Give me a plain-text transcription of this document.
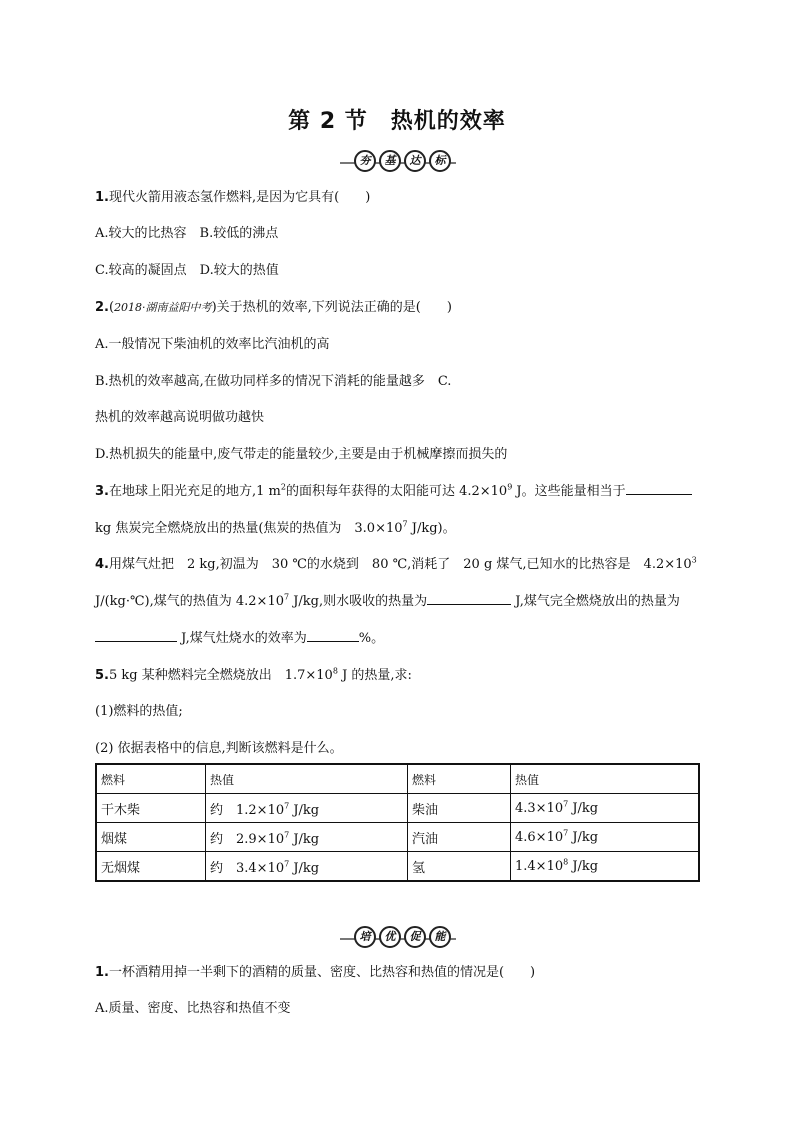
第 2 节　热机的效率
夯	基	达	标
1.现代火箭用液态氢作燃料,是因为它具有(　　)
A.较大的比热容　B.较低的沸点
C.较高的凝固点　D.较大的热值
2.(2018·湖南益阳中考)关于热机的效率,下列说法正确的是(　　)
A.一般情况下柴油机的效率比汽油机的高
B.热机的效率越高,在做功同样多的情况下消耗的能量越多　C.
热机的效率越高说明做功越快
D.热机损失的能量中,废气带走的能量较少,主要是由于机械摩擦而损失的
3.在地球上阳光充足的地方,1 $m^2$的面积每年获得的太阳能可达 $4.2\times 10^9$ J。这些能量相当于
kg 焦炭完全燃烧放出的热量(焦炭的热值为　$3.0\times 10^7$ J/kg)。
4.用煤气灶把　2 kg,初温为　30 ℃的水烧到　80 ℃,消耗了　20 g 煤气,已知水的比热容是　$4.2\times 10^3$
J/(kg·℃),煤气的热值为 $4.2\times 10^7$ J/kg,则水吸收的热量为	J,煤气完全燃烧放出的热量为
J,煤气灶烧水的效率为	%。
5.5 kg 某种燃料完全燃烧放出　$1.7\times 10^8$ J 的热量,求:
(1)燃料的热值;
(2) 依据表格中的信息,判断该燃料是什么。
燃料	热值	燃料	热值
干木柴	约　$1.2\times 10^7$ J/kg	柴油	$4.3\times 10^7$ J/kg
烟煤	约　$2.9\times 10^7$ J/kg	汽油	$4.6\times 10^7$ J/kg
无烟煤	约　$3.4\times 10^7$ J/kg	氢	$1.4\times 10^8$ J/kg
培	优	促	能
1.一杯酒精用掉一半剩下的酒精的质量、密度、比热容和热值的情况是(　　)
A.质量、密度、比热容和热值不变
